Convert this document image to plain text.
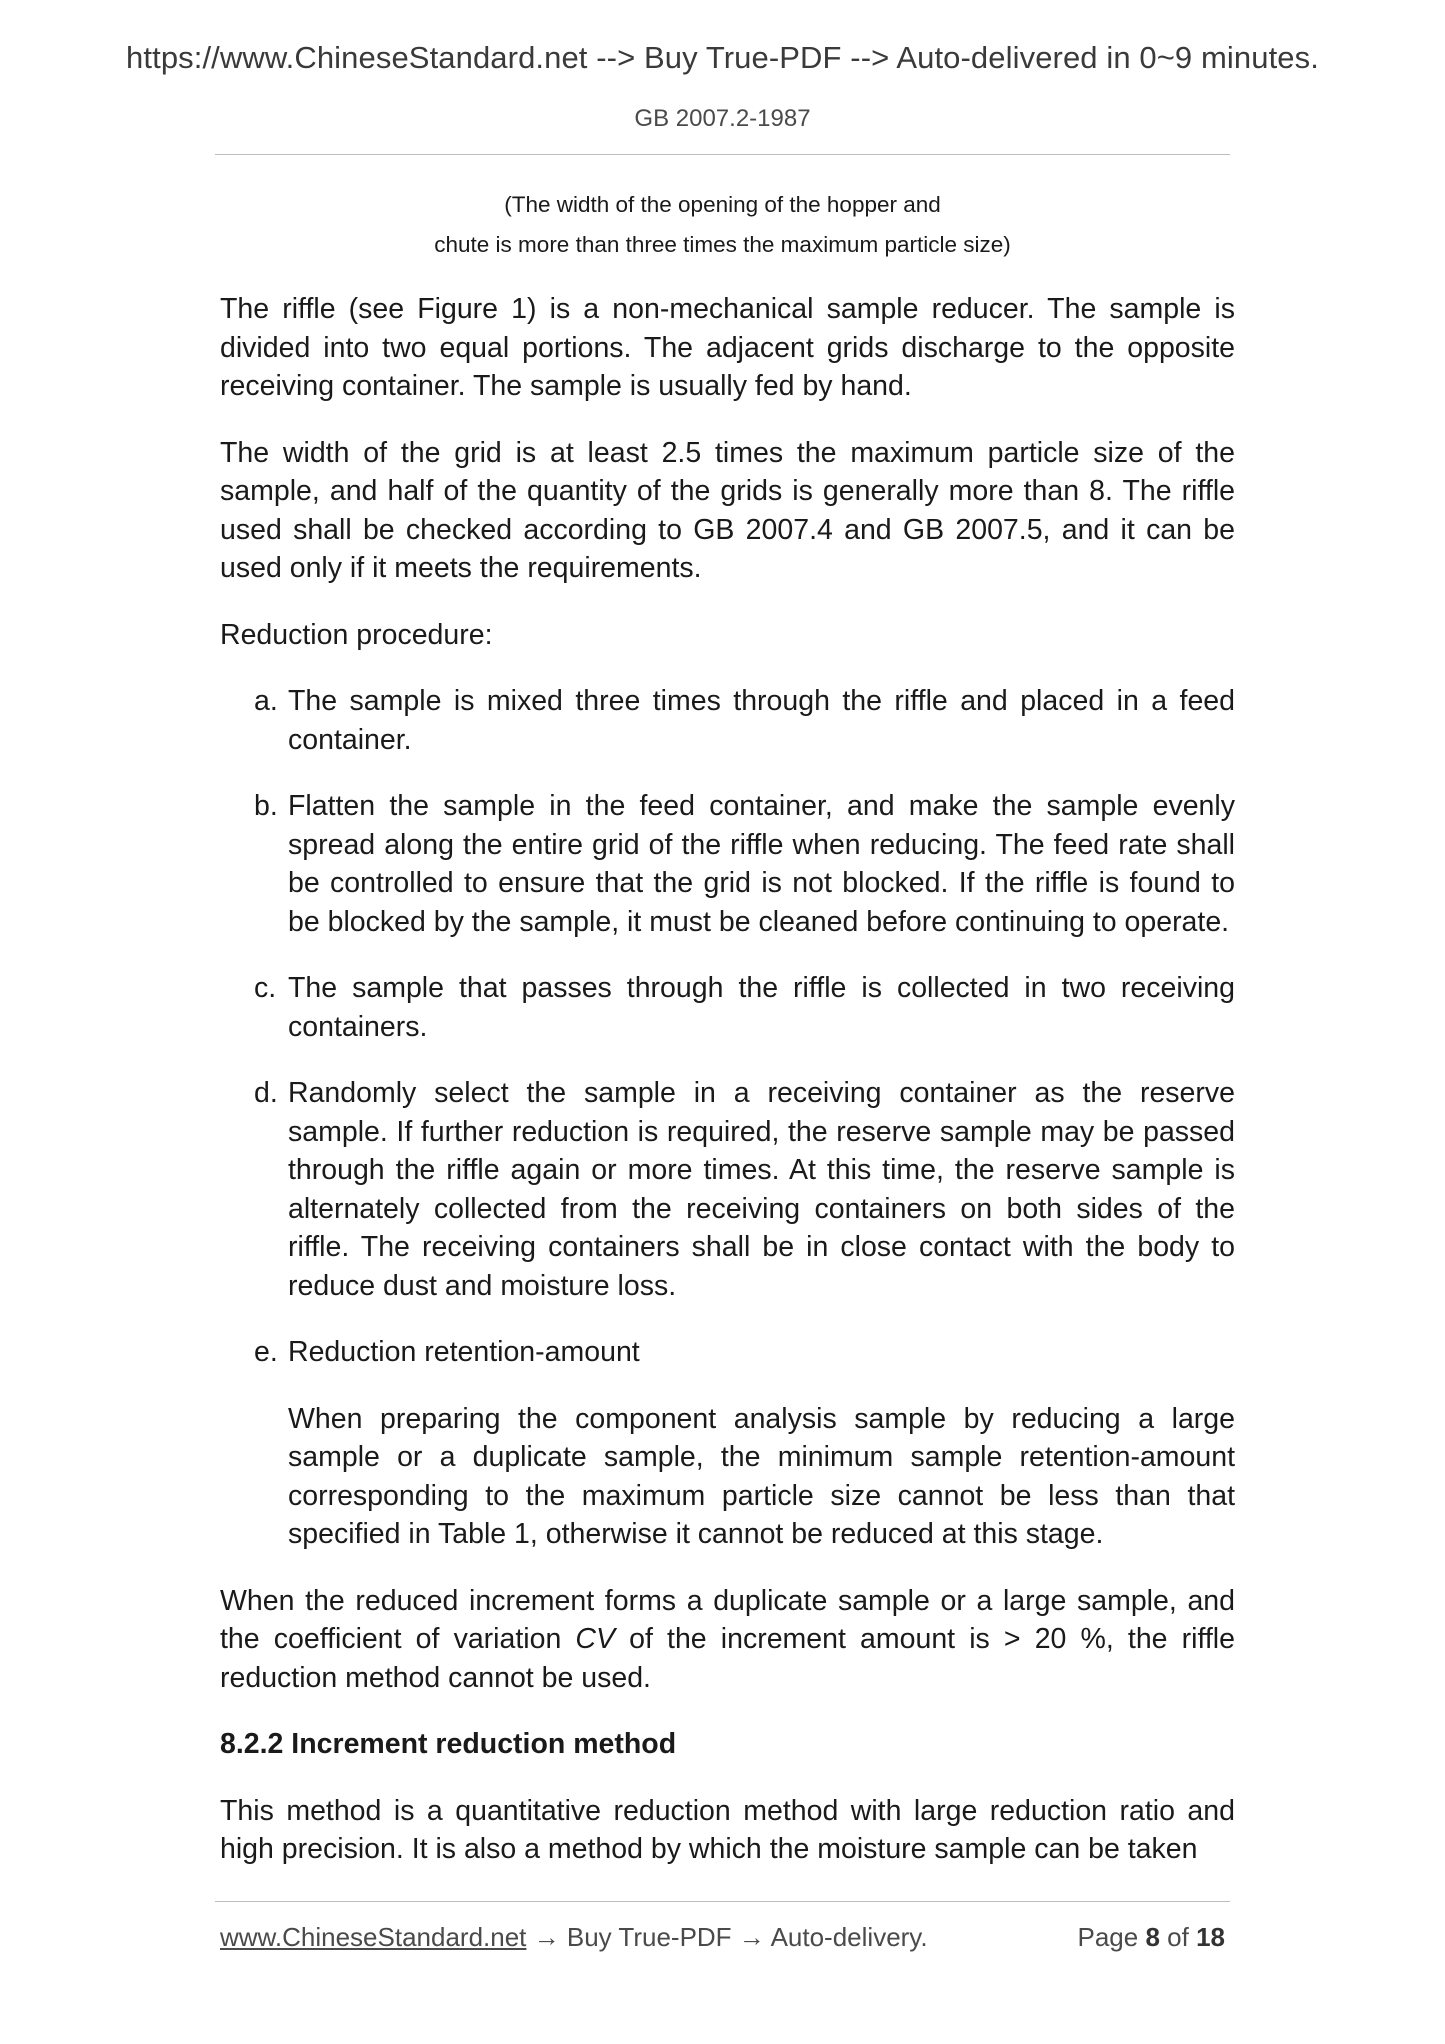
https://www.ChineseStandard.net --> Buy True-PDF --> Auto-delivered in 0~9 minutes.
GB 2007.2-1987
(The width of the opening of the hopper and
chute is more than three times the maximum particle size)

The riffle (see Figure 1) is a non-mechanical sample reducer. The sample is divided into two equal portions. The adjacent grids discharge to the opposite receiving container. The sample is usually fed by hand.

The width of the grid is at least 2.5 times the maximum particle size of the sample, and half of the quantity of the grids is generally more than 8. The riffle used shall be checked according to GB 2007.4 and GB 2007.5, and it can be used only if it meets the requirements.

Reduction procedure:

a. The sample is mixed three times through the riffle and placed in a feed container.
b. Flatten the sample in the feed container, and make the sample evenly spread along the entire grid of the riffle when reducing. The feed rate shall be controlled to ensure that the grid is not blocked. If the riffle is found to be blocked by the sample, it must be cleaned before continuing to operate.
c. The sample that passes through the riffle is collected in two receiving containers.
d. Randomly select the sample in a receiving container as the reserve sample. If further reduction is required, the reserve sample may be passed through the riffle again or more times. At this time, the reserve sample is alternately collected from the receiving containers on both sides of the riffle. The receiving containers shall be in close contact with the body to reduce dust and moisture loss.
e. Reduction retention-amount

When preparing the component analysis sample by reducing a large sample or a duplicate sample, the minimum sample retention-amount corresponding to the maximum particle size cannot be less than that specified in Table 1, otherwise it cannot be reduced at this stage.

When the reduced increment forms a duplicate sample or a large sample, and the coefficient of variation CV of the increment amount is > 20 %, the riffle reduction method cannot be used.

8.2.2 Increment reduction method

This method is a quantitative reduction method with large reduction ratio and high precision. It is also a method by which the moisture sample can be taken

www.ChineseStandard.net → Buy True-PDF → Auto-delivery.	Page 8 of 18
